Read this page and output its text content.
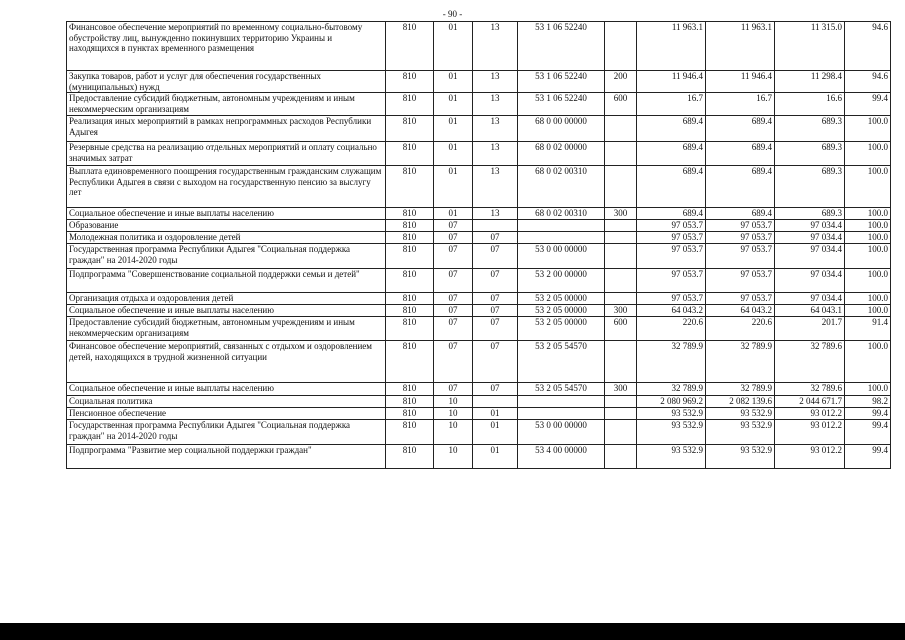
- 90 -
Финансовое обеспечение мероприятий по временному социально-бытовому обустройству лиц, вынужденно покинувших территорию Украины и находящихся в пунктах временного размещения	810	01	13	53 1 06 52240		11 963.1	11 963.1	11 315.0	94.6
Закупка товаров, работ и услуг для обеспечения государственных (муниципальных) нужд	810	01	13	53 1 06 52240	200	11 946.4	11 946.4	11 298.4	94.6
Предоставление субсидий бюджетным, автономным учреждениям и иным некоммерческим организациям	810	01	13	53 1 06 52240	600	16.7	16.7	16.6	99.4
Реализация иных мероприятий в рамках непрограммных расходов Республики Адыгея	810	01	13	68 0 00 00000		689.4	689.4	689.3	100.0
Резервные средства на реализацию отдельных мероприятий и оплату социально значимых затрат	810	01	13	68 0 02 00000		689.4	689.4	689.3	100.0
Выплата единовременного поощрения государственным гражданским служащим Республики Адыгея в связи с выходом на государственную пенсию за выслугу лет	810	01	13	68 0 02 00310		689.4	689.4	689.3	100.0
Социальное обеспечение и иные выплаты населению	810	01	13	68 0 02 00310	300	689.4	689.4	689.3	100.0
Образование	810	07				97 053.7	97 053.7	97 034.4	100.0
Молодежная политика и оздоровление детей	810	07	07			97 053.7	97 053.7	97 034.4	100.0
Государственная программа Республики Адыгея "Социальная поддержка граждан" на 2014-2020 годы	810	07	07	53 0 00 00000		97 053.7	97 053.7	97 034.4	100.0
Подпрограмма "Совершенствование социальной поддержки семьи и детей"	810	07	07	53 2 00 00000		97 053.7	97 053.7	97 034.4	100.0
Организация отдыха и оздоровления детей	810	07	07	53 2 05 00000		97 053.7	97 053.7	97 034.4	100.0
Социальное обеспечение и иные выплаты населению	810	07	07	53 2 05 00000	300	64 043.2	64 043.2	64 043.1	100.0
Предоставление субсидий бюджетным, автономным учреждениям и иным некоммерческим организациям	810	07	07	53 2 05 00000	600	220.6	220.6	201.7	91.4
Финансовое обеспечение мероприятий, связанных с отдыхом и оздоровлением детей, находящихся в трудной жизненной ситуации	810	07	07	53 2 05 54570		32 789.9	32 789.9	32 789.6	100.0
Социальное обеспечение и иные выплаты населению	810	07	07	53 2 05 54570	300	32 789.9	32 789.9	32 789.6	100.0
Социальная политика	810	10				2 080 969.2	2 082 139.6	2 044 671.7	98.2
Пенсионное обеспечение	810	10	01			93 532.9	93 532.9	93 012.2	99.4
Государственная программа Республики Адыгея "Социальная поддержка граждан" на 2014-2020 годы	810	10	01	53 0 00 00000		93 532.9	93 532.9	93 012.2	99.4
Подпрограмма "Развитие мер социальной поддержки граждан"	810	10	01	53 4 00 00000		93 532.9	93 532.9	93 012.2	99.4
